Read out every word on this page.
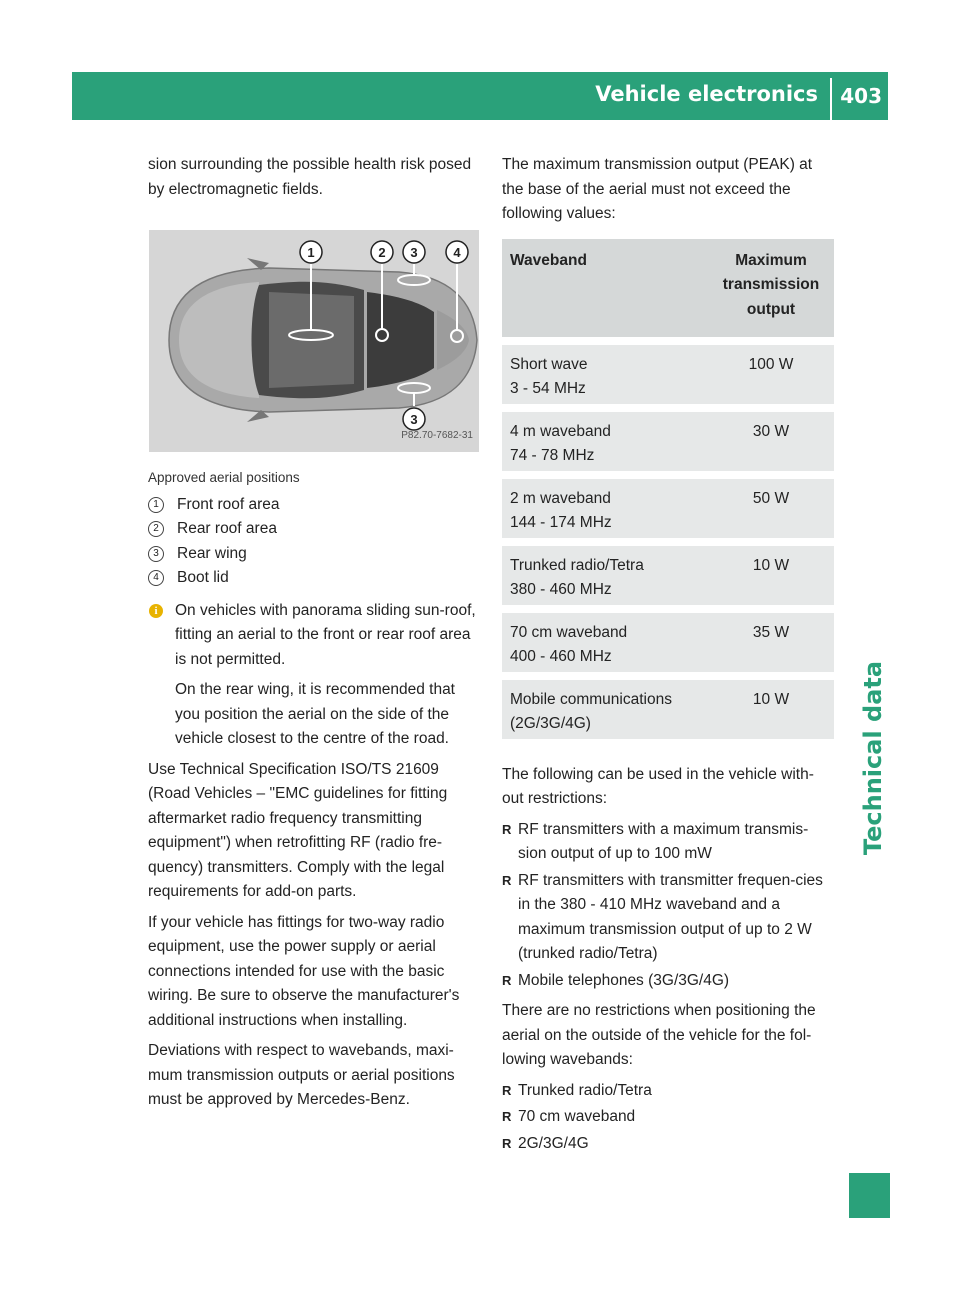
Vehicle electronics 403
Technical data

sion surrounding the possible health risk posed by electromagnetic fields.

1	2 3	4
3
P82.70-7682-31
Approved aerial positions
1	Front roof area
2	Rear roof area
3	Rear wing
4	Boot lid
i	On vehicles with panorama sliding sun-roof, fitting an aerial to the front or rear roof area is not permitted.

On the rear wing, it is recommended that you position the aerial on the side of the vehicle closest to the centre of the road.

Use Technical Specification ISO/TS 21609 (Road Vehicles – "EMC guidelines for fitting aftermarket radio frequency transmitting equipment") when retrofitting RF (radio fre-quency) transmitters. Comply with the legal requirements for add-on parts.

If your vehicle has fittings for two-way radio equipment, use the power supply or aerial connections intended for use with the basic wiring. Be sure to observe the manufacturer's additional instructions when installing.

Deviations with respect to wavebands, maxi-mum transmission outputs or aerial positions must be approved by Mercedes-Benz.

The maximum transmission output (PEAK) at the base of the aerial must not exceed the following values:

Waveband	Maximum transmission output
Short wave
3 - 54 MHz	100 W
4 m waveband
74 - 78 MHz	30 W
2 m waveband
144 - 174 MHz	50 W
Trunked radio/Tetra
380 - 460 MHz	10 W
70 cm waveband
400 - 460 MHz	35 W
Mobile communications
(2G/3G/4G)	10 W

The following can be used in the vehicle with-out restrictions:

R RF transmitters with a maximum transmis-sion output of up to 100 mW
R RF transmitters with transmitter frequen-cies in the 380 - 410 MHz waveband and a maximum transmission output of up to 2 W (trunked radio/Tetra)
R Mobile telephones (3G/3G/4G)

There are no restrictions when positioning the aerial on the outside of the vehicle for the fol-lowing wavebands:

R Trunked radio/Tetra
R 70 cm waveband
R 2G/3G/4G
